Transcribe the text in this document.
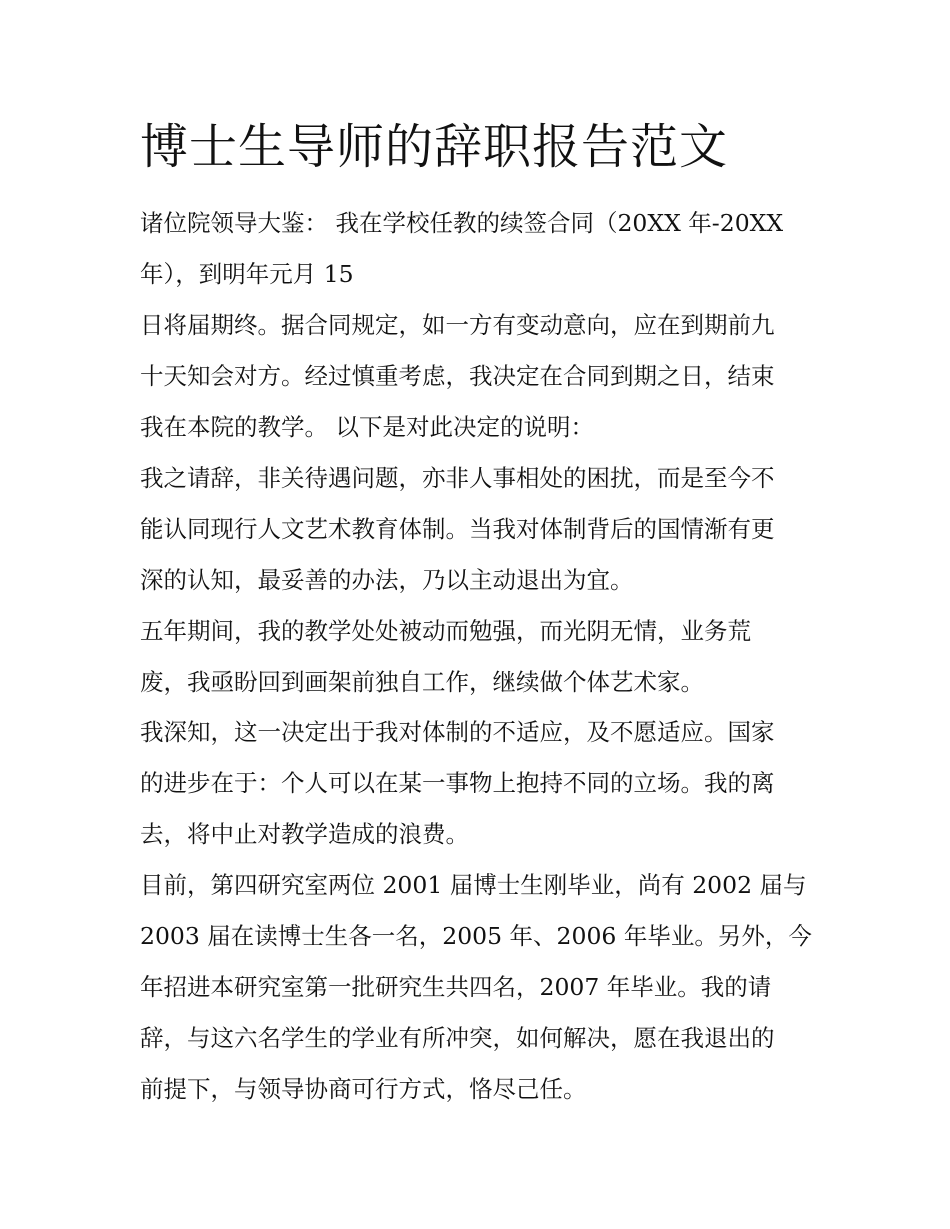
博士生导师的辞职报告范文

诸位院领导大鉴： 我在学校任教的续签合同（20XX 年-20XX

年），到明年元月 15

日将届期终。据合同规定，如一方有变动意向，应在到期前九

十天知会对方。经过慎重考虑，我决定在合同到期之日，结束

我在本院的教学。 以下是对此决定的说明：

我之请辞，非关待遇问题，亦非人事相处的困扰，而是至今不

能认同现行人文艺术教育体制。当我对体制背后的国情渐有更

深的认知，最妥善的办法，乃以主动退出为宜。

五年期间，我的教学处处被动而勉强，而光阴无情，业务荒

废，我亟盼回到画架前独自工作，继续做个体艺术家。

我深知，这一决定出于我对体制的不适应，及不愿适应。国家

的进步在于：个人可以在某一事物上抱持不同的立场。我的离

去，将中止对教学造成的浪费。

目前，第四研究室两位 2001 届博士生刚毕业，尚有 2002 届与

2003 届在读博士生各一名，2005 年、2006 年毕业。另外，今

年招进本研究室第一批研究生共四名，2007 年毕业。我的请

辞，与这六名学生的学业有所冲突，如何解决，愿在我退出的

前提下，与领导协商可行方式，恪尽己任。
